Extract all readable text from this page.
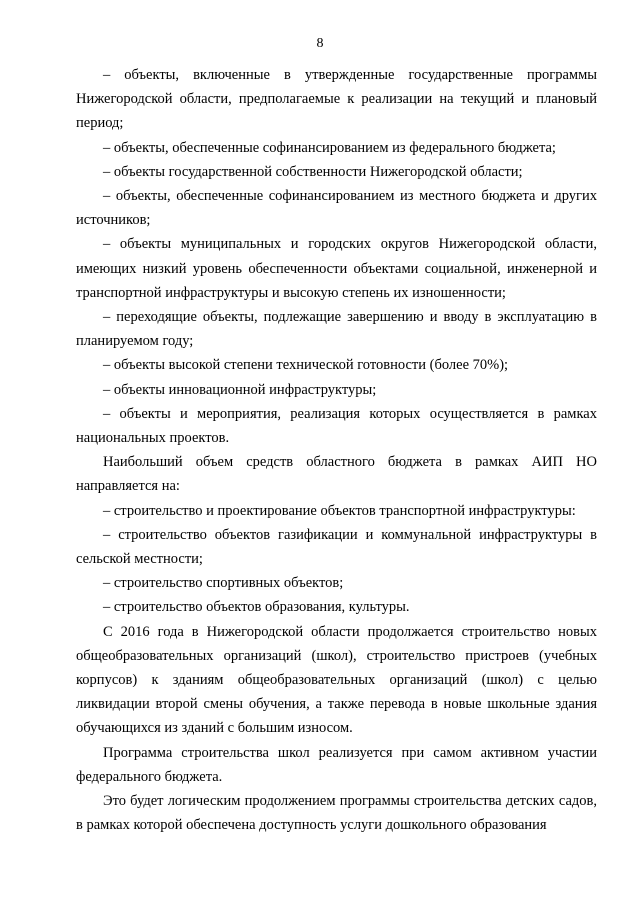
8

– объекты, включенные в утвержденные государственные программы Нижегородской области, предполагаемые к реализации на текущий и плановый период;

– объекты, обеспеченные софинансированием из федерального бюджета;

– объекты государственной собственности Нижегородской области;

– объекты, обеспеченные софинансированием из местного бюджета и других источников;

– объекты муниципальных и городских округов Нижегородской области, имеющих низкий уровень обеспеченности объектами социальной, инженерной и транспортной инфраструктуры и высокую степень их изношенности;

– переходящие объекты, подлежащие завершению и вводу в эксплуатацию в планируемом году;

– объекты высокой степени технической готовности (более 70%);

– объекты инновационной инфраструктуры;

– объекты и мероприятия, реализация которых осуществляется в рамках национальных проектов.

Наибольший объем средств областного бюджета в рамках АИП НО направляется на:

– строительство и проектирование объектов транспортной инфраструктуры:

– строительство объектов газификации и коммунальной инфраструктуры в сельской местности;

– строительство спортивных объектов;

– строительство объектов образования, культуры.

С 2016 года в Нижегородской области продолжается строительство новых общеобразовательных организаций (школ), строительство пристроев (учебных корпусов) к зданиям общеобразовательных организаций (школ) с целью ликвидации второй смены обучения, а также перевода в новые школьные здания обучающихся из зданий с большим износом.

Программа строительства школ реализуется при самом активном участии федерального бюджета.

Это будет логическим продолжением программы строительства детских садов, в рамках которой обеспечена доступность услуги дошкольного образования
